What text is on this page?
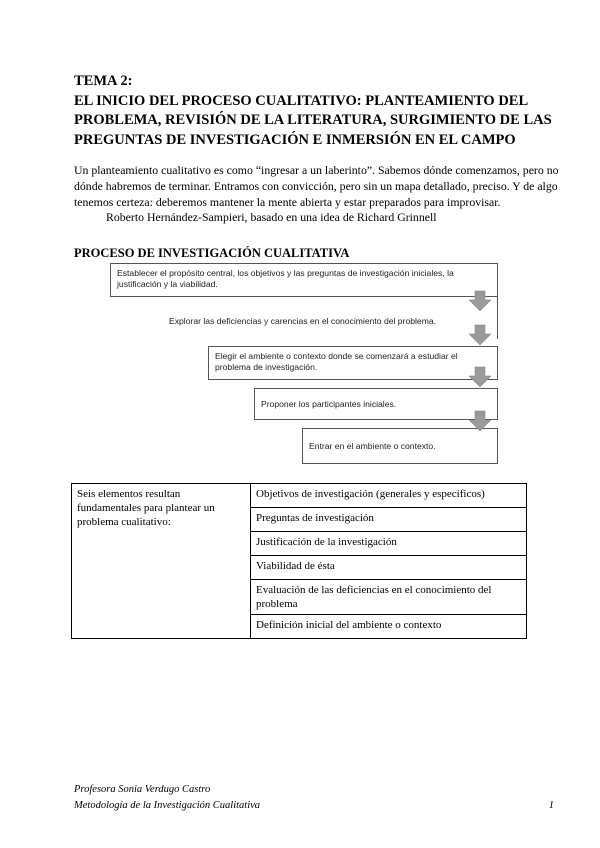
TEMA 2:
EL INICIO DEL PROCESO CUALITATIVO: PLANTEAMIENTO DEL
PROBLEMA, REVISIÓN DE LA LITERATURA, SURGIMIENTO DE LAS
PREGUNTAS DE INVESTIGACIÓN E INMERSIÓN EN EL CAMPO
Un planteamiento cualitativo es como “ingresar a un laberinto”. Sabemos dónde comenzamos, pero no
dónde habremos de terminar. Entramos con convicción, pero sin un mapa detallado, preciso. Y de algo
tenemos certeza: deberemos mantener la mente abierta y estar preparados para improvisar.
Roberto Hernández-Sampieri, basado en una idea de Richard Grinnell
PROCESO DE INVESTIGACIÓN CUALITATIVA
Establecer el propósito central, los objetivos y las preguntas de investigación iniciales, la justificación y la viabilidad.
Explorar las deficiencias y carencias en el conocimiento del problema.
Elegir el ambiente o contexto donde se comenzará a estudiar el problema de investigación.
Proponer los participantes iniciales.
Entrar en el ambiente o contexto.
Seis elementos resultan fundamentales para plantear un problema cualitativo:	Objetivos de investigación (generales y específicos)
Preguntas de investigación
Justificación de la investigación
Viabilidad de ésta
Evaluación de las deficiencias en el conocimiento del problema
Definición inicial del ambiente o contexto
Profesora Sonia Verdugo Castro
Metodología de la Investigación Cualitativa	1
